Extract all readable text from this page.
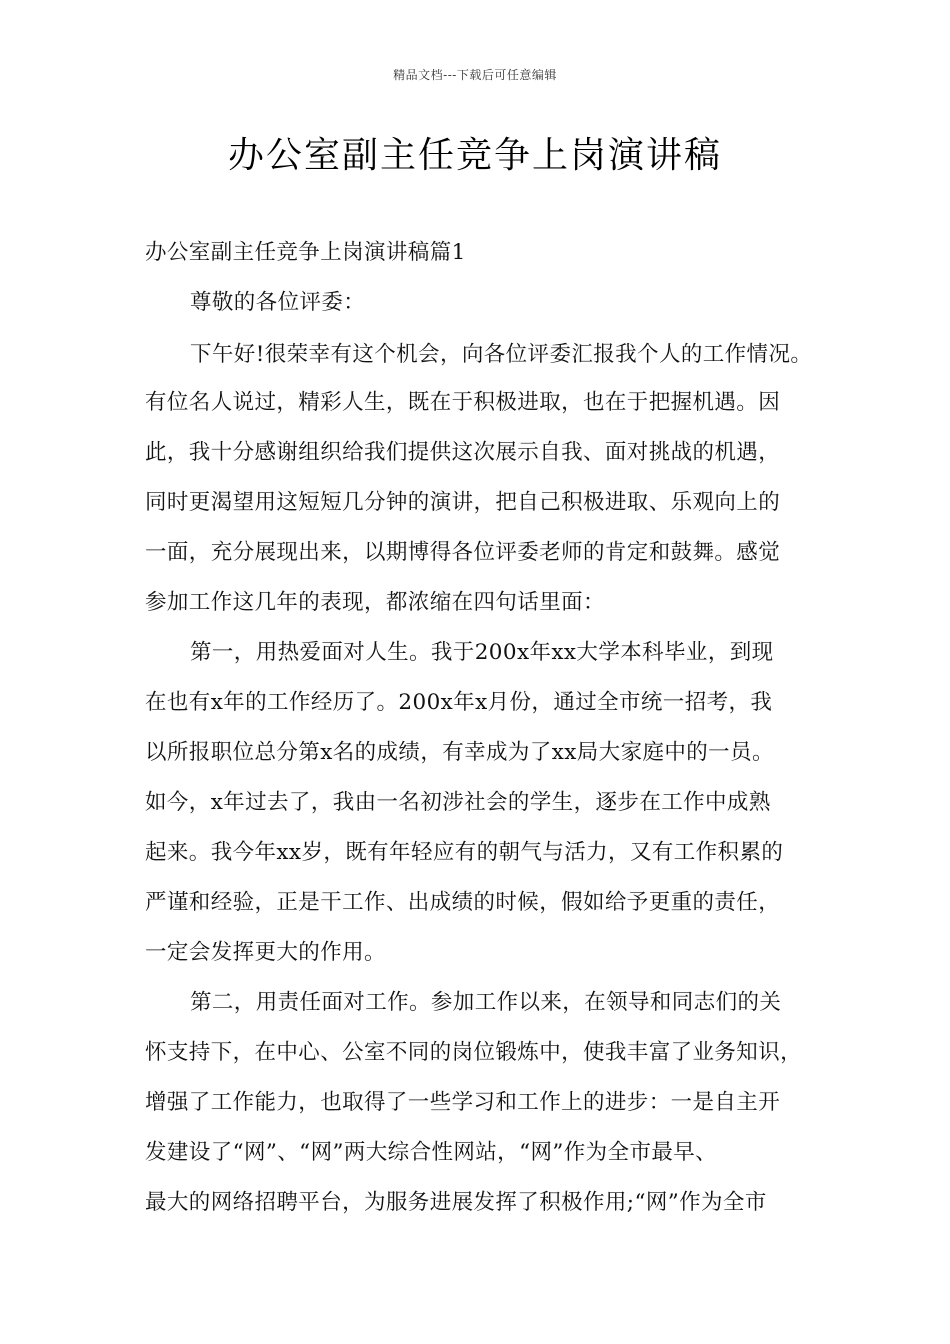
精品文档---下载后可任意编辑
办公室副主任竞争上岗演讲稿
办公室副主任竞争上岗演讲稿篇1
尊敬的各位评委：
下午好!很荣幸有这个机会，向各位评委汇报我个人的工作情况。
有位名人说过，精彩人生，既在于积极进取，也在于把握机遇。因
此，我十分感谢组织给我们提供这次展示自我、面对挑战的机遇，
同时更渴望用这短短几分钟的演讲，把自己积极进取、乐观向上的
一面，充分展现出来，以期博得各位评委老师的肯定和鼓舞。感觉
参加工作这几年的表现，都浓缩在四句话里面：
第一，用热爱面对人生。我于200x年xx大学本科毕业，到现
在也有x年的工作经历了。200x年x月份，通过全市统一招考，我
以所报职位总分第x名的成绩，有幸成为了xx局大家庭中的一员。
如今，x年过去了，我由一名初涉社会的学生，逐步在工作中成熟
起来。我今年xx岁，既有年轻应有的朝气与活力，又有工作积累的
严谨和经验，正是干工作、出成绩的时候，假如给予更重的责任，
一定会发挥更大的作用。
第二，用责任面对工作。参加工作以来，在领导和同志们的关
怀支持下，在中心、公室不同的岗位锻炼中，使我丰富了业务知识，
增强了工作能力，也取得了一些学习和工作上的进步：一是自主开
发建设了“网”、“网”两大综合性网站，“网”作为全市最早、
最大的网络招聘平台，为服务进展发挥了积极作用;“网”作为全市
